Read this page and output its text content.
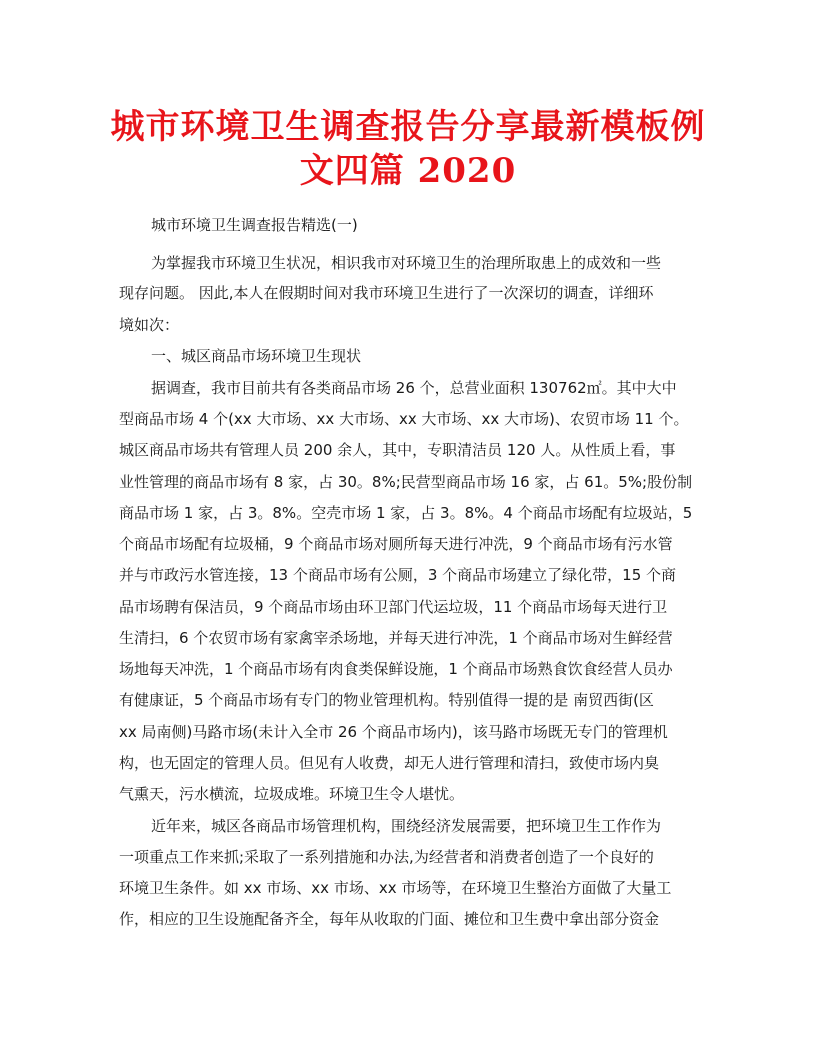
城市环境卫生调查报告分享最新模板例
文四篇 2020
城市环境卫生调查报告精选(一)
为掌握我市环境卫生状况，相识我市对环境卫生的治理所取患上的成效和一些
现存问题。 因此,本人在假期时间对我市环境卫生进行了一次深切的调查，详细环
境如次：
一、城区商品市场环境卫生现状
据调查，我市目前共有各类商品市场 26 个，总营业面积 130762㎡。其中大中
型商品市场 4 个(xx 大市场、xx 大市场、xx 大市场、xx 大市场)、农贸市场 11 个。
城区商品市场共有管理人员 200 余人，其中，专职清洁员 120 人。从性质上看，事
业性管理的商品市场有 8 家，占 30。8%;民营型商品市场 16 家，占 61。5%;股份制
商品市场 1 家，占 3。8%。空壳市场 1 家，占 3。8%。4 个商品市场配有垃圾站，5
个商品市场配有垃圾桶，9 个商品市场对厕所每天进行冲洗，9 个商品市场有污水管
并与市政污水管连接，13 个商品市场有公厕，3 个商品市场建立了绿化带，15 个商
品市场聘有保洁员，9 个商品市场由环卫部门代运垃圾，11 个商品市场每天进行卫
生清扫，6 个农贸市场有家禽宰杀场地，并每天进行冲洗，1 个商品市场对生鲜经营
场地每天冲洗，1 个商品市场有肉食类保鲜设施，1 个商品市场熟食饮食经营人员办
有健康证，5 个商品市场有专门的物业管理机构。特别值得一提的是 南贸西街(区
xx 局南侧)马路市场(未计入全市 26 个商品市场内)，该马路市场既无专门的管理机
构，也无固定的管理人员。但见有人收费，却无人进行管理和清扫，致使市场内臭
气熏天，污水横流，垃圾成堆。环境卫生令人堪忧。
近年来，城区各商品市场管理机构，围绕经济发展需要，把环境卫生工作作为
一项重点工作来抓;采取了一系列措施和办法,为经营者和消费者创造了一个良好的
环境卫生条件。如 xx 市场、xx 市场、xx 市场等，在环境卫生整治方面做了大量工
作，相应的卫生设施配备齐全，每年从收取的门面、摊位和卫生费中拿出部分资金
